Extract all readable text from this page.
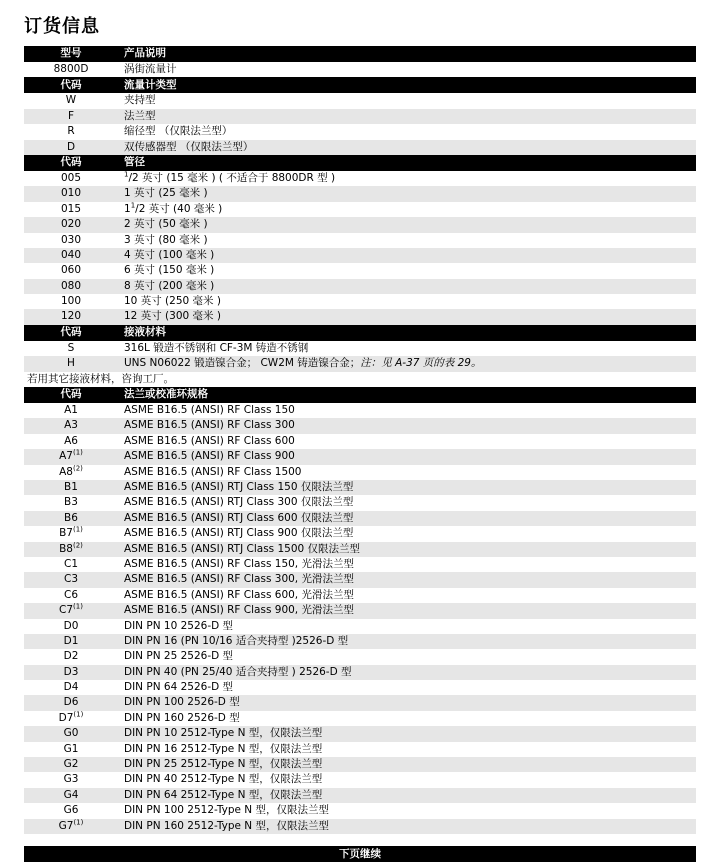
订货信息
型号	产品说明
8800D	涡街流量计
代码	流量计类型
W	夹持型
F	法兰型
R	缩径型 （仅限法兰型）
D	双传感器型 （仅限法兰型）
代码	管径
005	$^1$/2 英寸 (15 毫米 ) ( 不适合于 8800DR 型 )
010	1 英寸 (25 毫米 )
015	$1^1/2$ 英寸 (40 毫米 )
020	2 英寸 (50 毫米 )
030	3 英寸 (80 毫米 )
040	4 英寸 (100 毫米 )
060	6 英寸 (150 毫米 )
080	8 英寸 (200 毫米 )
100	10 英寸 (250 毫米 )
120	12 英寸 (300 毫米 )
代码	接液材料
S	316L 锻造不锈钢和 CF-3M 铸造不锈钢
H	UNS N06022 锻造镍合金； CW2M 铸造镍合金；注：见 A-37 页的表 29。
若用其它接液材料，咨询工厂。
代码	法兰或校准环规格
A1	ASME B16.5 (ANSI) RF Class 150
A3	ASME B16.5 (ANSI) RF Class 300
A6	ASME B16.5 (ANSI) RF Class 600
A7$^{(1)}$	ASME B16.5 (ANSI) RF Class 900
A8$^{(2)}$	ASME B16.5 (ANSI) RF Class 1500
B1	ASME B16.5 (ANSI) RTJ Class 150 仅限法兰型
B3	ASME B16.5 (ANSI) RTJ Class 300 仅限法兰型
B6	ASME B16.5 (ANSI) RTJ Class 600 仅限法兰型
B7$^{(1)}$	ASME B16.5 (ANSI) RTJ Class 900 仅限法兰型
B8$^{(2)}$	ASME B16.5 (ANSI) RTJ Class 1500 仅限法兰型
C1	ASME B16.5 (ANSI) RF Class 150, 光滑法兰型
C3	ASME B16.5 (ANSI) RF Class 300, 光滑法兰型
C6	ASME B16.5 (ANSI) RF Class 600, 光滑法兰型
C7$^{(1)}$	ASME B16.5 (ANSI) RF Class 900, 光滑法兰型
D0	DIN PN 10 2526-D 型
D1	DIN PN 16 (PN 10/16 适合夹持型 )2526-D 型
D2	DIN PN 25 2526-D 型
D3	DIN PN 40 (PN 25/40 适合夹持型 ) 2526-D 型
D4	DIN PN 64 2526-D 型
D6	DIN PN 100 2526-D 型
D7$^{(1)}$	DIN PN 160 2526-D 型
G0	DIN PN 10 2512-Type N 型，仅限法兰型
G1	DIN PN 16 2512-Type N 型，仅限法兰型
G2	DIN PN 25 2512-Type N 型，仅限法兰型
G3	DIN PN 40 2512-Type N 型，仅限法兰型
G4	DIN PN 64 2512-Type N 型，仅限法兰型
G6	DIN PN 100 2512-Type N 型，仅限法兰型
G7$^{(1)}$	DIN PN 160 2512-Type N 型，仅限法兰型
下页继续
